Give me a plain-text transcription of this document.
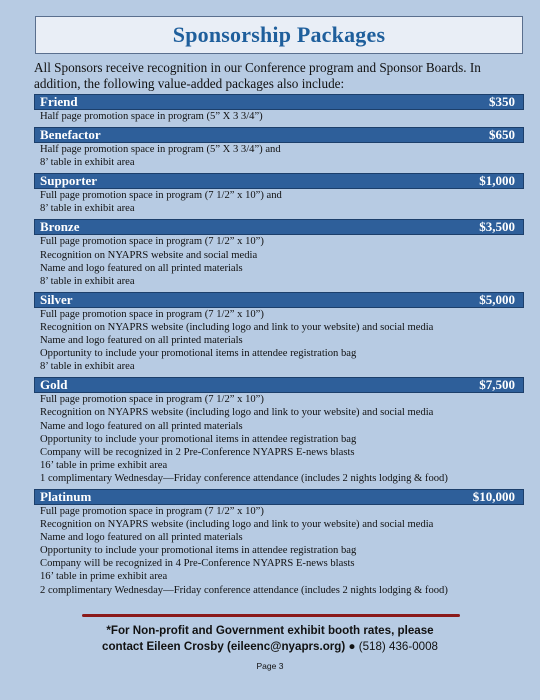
Sponsorship Packages

All Sponsors receive recognition in our Conference program and Sponsor Boards. In

addition, the following value-added packages also include:

Friend	$350
Half page promotion space in program (5” X 3 3/4”)
Benefactor	$650
Half page promotion space in program (5” X 3 3/4”) and
8’ table in exhibit area
Supporter	$1,000
Full page promotion space in program (7 1/2” x 10”) and
8’ table in exhibit area
Bronze	$3,500
Full page promotion space in program (7 1/2” x 10”)
Recognition on NYAPRS website and social media
Name and logo featured on all printed materials
8’ table in exhibit area
Silver	$5,000
Full page promotion space in program (7 1/2” x 10”)
Recognition on NYAPRS website (including logo and link to your website) and social media
Name and logo featured on all printed materials
Opportunity to include your promotional items in attendee registration bag
8’ table in exhibit area
Gold	$7,500
Full page promotion space in program (7 1/2” x 10”)
Recognition on NYAPRS website (including logo and link to your website) and social media
Name and logo featured on all printed materials
Opportunity to include your promotional items in attendee registration bag
Company will be recognized in 2 Pre-Conference NYAPRS E-news blasts
16’ table in prime exhibit area
1 complimentary Wednesday—Friday conference attendance (includes 2 nights lodging & food)
Platinum	$10,000
Full page promotion space in program (7 1/2” x 10”)
Recognition on NYAPRS website (including logo and link to your website) and social media
Name and logo featured on all printed materials
Opportunity to include your promotional items in attendee registration bag
Company will be recognized in 4 Pre-Conference NYAPRS E-news blasts
16’ table in prime exhibit area
2 complimentary Wednesday—Friday conference attendance (includes 2 nights lodging & food)
*For Non-profit and Government exhibit booth rates, please
contact Eileen Crosby (eileenc@nyaprs.org) ● (518) 436-0008
Page 3
